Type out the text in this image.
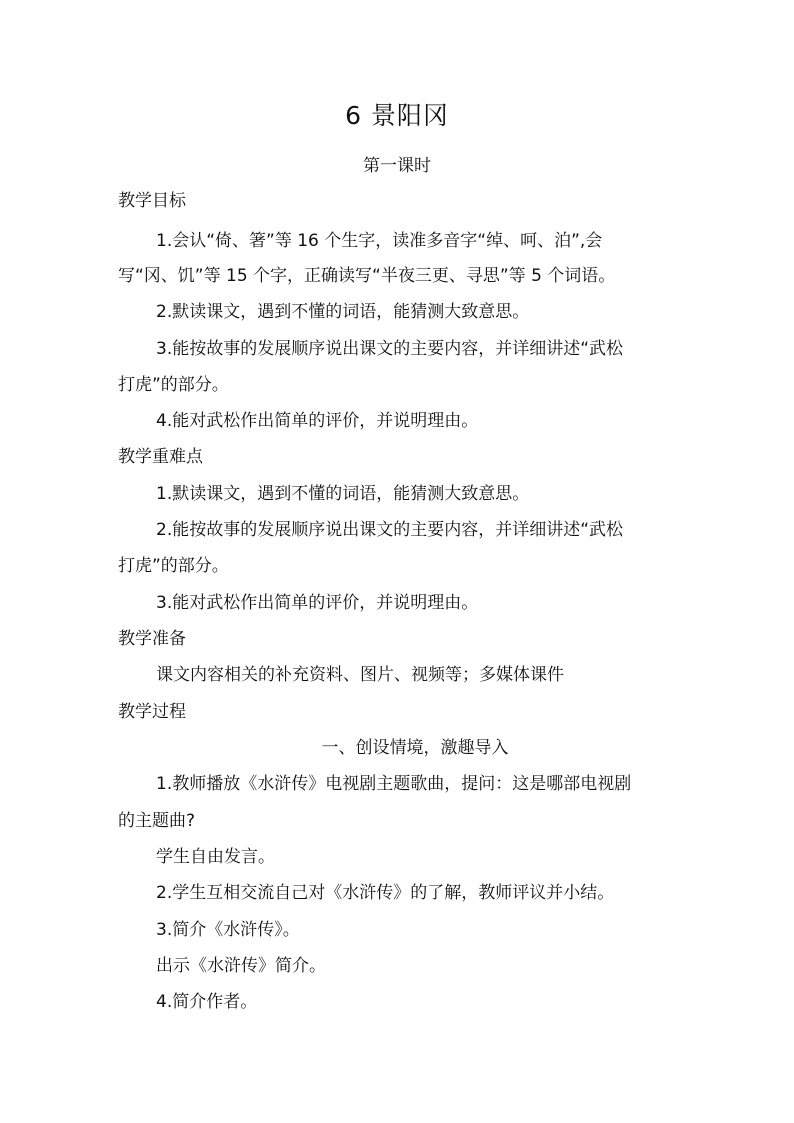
6 景阳冈
第一课时
教学目标
1.会认“倚、箸”等 16 个生字，读准多音字“绰、呵、泊”,会
写“冈、饥”等 15 个字，正确读写“半夜三更、寻思”等 5 个词语。
2.默读课文，遇到不懂的词语，能猜测大致意思。
3.能按故事的发展顺序说出课文的主要内容，并详细讲述“武松
打虎”的部分。
4.能对武松作出简单的评价，并说明理由。
教学重难点
1.默读课文，遇到不懂的词语，能猜测大致意思。
2.能按故事的发展顺序说出课文的主要内容，并详细讲述“武松
打虎”的部分。
3.能对武松作出简单的评价，并说明理由。
教学准备
课文内容相关的补充资料、图片、视频等；多媒体课件
教学过程
一、创设情境，激趣导入
1.教师播放《水浒传》电视剧主题歌曲，提问：这是哪部电视剧
的主题曲?
学生自由发言。
2.学生互相交流自己对《水浒传》的了解，教师评议并小结。
3.简介《水浒传》。
出示《水浒传》简介。
4.简介作者。
